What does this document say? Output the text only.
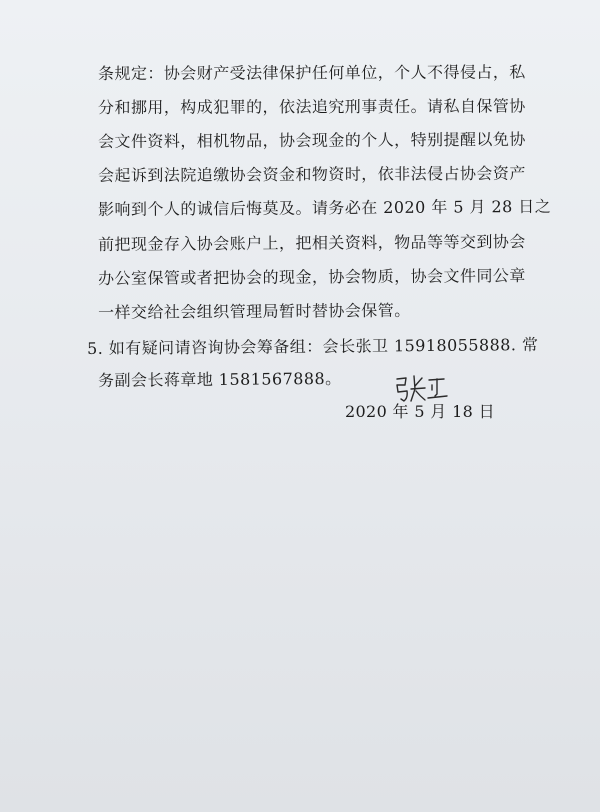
条规定：协会财产受法律保护任何单位，个人不得侵占，私
分和挪用，构成犯罪的，依法追究刑事责任。请私自保管协
会文件资料，相机物品，协会现金的个人，特别提醒以免协
会起诉到法院追缴协会资金和物资时，依非法侵占协会资产
影响到个人的诚信后悔莫及。请务必在 2020 年 5 月 28 日之
前把现金存入协会账户上，把相关资料，物品等等交到协会
办公室保管或者把协会的现金，协会物质，协会文件同公章
一样交给社会组织管理局暂时替协会保管。
5. 如有疑问请咨询协会筹备组：会长张卫 15918055888. 常
务副会长蒋章地 1581567888。
2020 年 5 月 18 日
